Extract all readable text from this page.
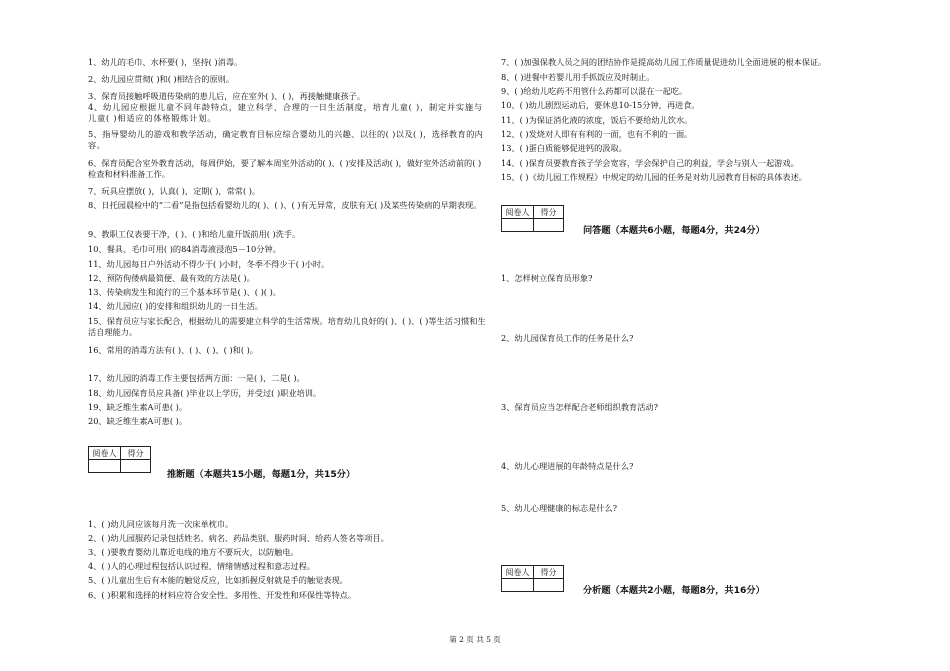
1、幼儿的毛巾、水杯要( )，坚持( )消毒。
2、幼儿园应贯彻( )和( )相结合的原则。
3、保育员接触呼吸道传染病的患儿后，应在室外( )、( )，再接触健康孩子。
4、幼儿园应根据儿童不同年龄特点，建立科学、合理的一日生活制度，培育儿童( )，制定并实施与儿童( )相适应的体格锻炼计划。
5、指导婴幼儿的游戏和教学活动，确定教育目标应综合婴幼儿的兴趣、以往的( )以及( )，选择教育的内容。
6、保育员配合室外教育活动，每周伊始，要了解本周室外活动的( )、( )安排及活动( )，做好室外活动前的( )检查和材料准备工作。
7、玩具应摆放( )，认真( )，定期( )，常常( )。
8、日托园晨检中的“二看”是指包括看婴幼儿的( )、( )、( )有无异常，皮肤有无( )及某些传染病的早期表现。
9、教职工仪表要干净，( )、( )和给儿童开饭前用( )洗手。
10、餐具、毛巾可用( )的84消毒液浸泡5－10分钟。
11、幼儿园每日户外活动不得少于( )小时，冬季不得少于( )小时。
12、预防佝偻病最简便、最有效的方法是( )。
13、传染病发生和流行的三个基本环节是( )、( )( )。
14、幼儿园应( )的安排和组织幼儿的一日生活。
15、保育员应与家长配合，根据幼儿的需要建立科学的生活常规。培育幼儿良好的( )、( )、( )等生活习惯和生活自理能力。
16、常用的消毒方法有( )、( )、( )、( )和( )。
17、幼儿园的消毒工作主要包括两方面：一是( )，二是( )。
18、幼儿园保育员应具备( )毕业以上学历，并受过( )职业培训。
19、缺乏维生素A可患( )。
20、缺乏维生素A可患( )。
阅卷人	得分

推断题（本题共15小题，每题1分，共15分）
1、( )幼儿同应该每月洗一次床单枕巾。
2、( )幼儿园服药记录包括姓名、病名、药品类别、服药时间、给药人签名等项目。
3、( )要教育婴幼儿靠近电线的地方不要玩火，以防触电。
4、( )人的心理过程包括认识过程、情绪情感过程和意志过程。
5、( )儿童出生后有本能的触觉反应，比如抓握反射就是手的触觉表现。
6、( )积累和选择的材料应符合安全性、多用性、开发性和环保性等特点。
7、( )加强保教人员之间的团结协作是提高幼儿园工作质量促进幼儿全面进展的根本保证。
8、( )进餐中若婴儿用手抓饭应及时制止。
9、( )给幼儿吃药不用管什么药都可以混在一起吃。
10、( )幼儿剧烈运动后，要休息10-15分钟，再进食。
11、( )为保证消化液的浓度，饭后不要给幼儿饮水。
12、( )发烧对人即有有利的一面，也有不利的一面。
13、( )蛋白质能够促进钙的汲取。
14、( )保育员要教育孩子学会宽容，学会保护自己的利益，学会与别人一起游戏。
15、( )《幼儿园工作规程》中规定的幼儿园的任务是对幼儿园教育目标的具体表述。
阅卷人	得分

问答题（本题共6小题，每题4分，共24分）
1、怎样树立保育员形象?
2、幼儿园保育员工作的任务是什么?
3、保育员应当怎样配合老师组织教育活动?
4、幼儿心理进展的年龄特点是什么?
5、幼儿心理健康的标志是什么?
阅卷人	得分

分析题（本题共2小题，每题8分，共16分）
第 2 页 共 5 页
